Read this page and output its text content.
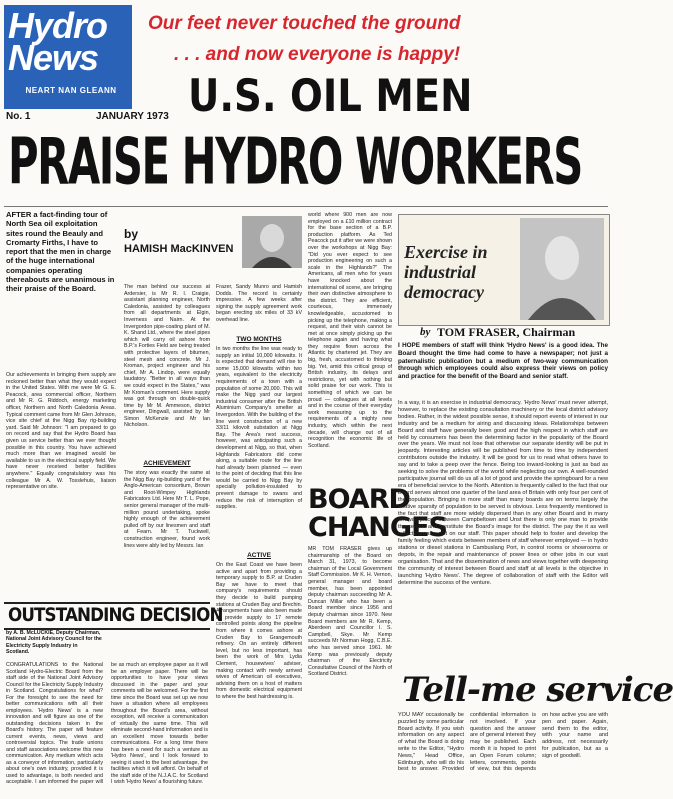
Hydro
News
NEART NAN GLEANN
No. 1	JANUARY 1973
Our feet never touched the ground
. . . and now everyone is happy!
U.S. OIL MEN
PRAISE HYDRO WORKERS
AFTER a fact-finding tour of North Sea oil exploitation sites round the Beauly and Cromarty Firths, I have to report that the men in charge of the huge international companies operating thereabouts are unanimous in their praise of the Board.
Our achievements in bringing them supply are reckoned better than what they would expect in the United States. With me were Mr G. E. Peacock, area commercial officer, Northern and Mr R. G. Riddoch, energy marketing officer, Northern and North Caledonia Areas. Typical comment came from Mr Glen Johnson, vice site chief at the Nigg Bay rig-building yard. Said Mr Johnson: "I am prepared to go on record and say that the Hydro Board has given us service better than we ever thought possible in this country. You have achieved much more than we imagined would be available to us in the electrical supply field. We have never received better facilities anywhere." Equally congratulatory was his colleague Mr A. W. Tosslehuis, liaison representative on site.
by
HAMISH MacKINVEN
The man behind our success at Ardersier, is Mr R. I. Craigie, assistant planning engineer, North Caledonia, assisted by colleagues from all departments at Elgin, Inverness and Nairn. At the Invergordon pipe-coating plant of M. K. Shand Ltd., where the steel pipes which will carry oil ashore from B.P.'s Forties Field are being treated with protective layers of bitumen, steel mesh and concrete. Mr J. Kroman, project engineer and his chief, Mr A. Lindop, were equally laudatory. "Better in all ways than we could expect in the States," was Mr Kroman's comment. Here supply was got through on double-quick time by Mr M. Ammeson, district engineer, Dingwall, assisted by Mr Simon McKenzie and Mr Ian Nicholson.
ACHIEVEMENT
The story was exactly the same at the Nigg Bay rig-building yard of the Anglo-American consortium, Brown and Root-Wimpey Highlands Fabricators Ltd. Here Mr T. L. Pope, senior general manager of the multi-million pound undertaking, spoke highly enough of the achievement pulled off by our linesmen and staff at Fearn. Mr T. Tuckwell, construction engineer, found work lines were ably led by Messrs. Ian
Frazer, Sandy Munro and Hamish Dodds. The record is certainly impressive. A few weeks after signing the supply agreement work began erecting six miles of 33 kV overhead line.
TWO MONTHS
In two months the line was ready to supply an initial 10,000 kilowatts. It is expected that demand will rise to some 15,000 kilowatts within two years, equivalent to the electricity requirements of a town with a population of some 20,000. This will make the Nigg yard our largest industrial consumer after the British Aluminium Company's smelter at Invergordon. With the building of the line went construction of a new 33/11 kilovolt substation at Nigg Bay. The Area's next success, however, was anticipating such a development at Nigg, so that, when Highlands Fabricators did come along, a suitable route for the line had already been planned — even to the point of deciding that this line would be carried to Nigg Bay by specially pollution-insulated to prevent damage to swans and reduce the risk of interruption of supplies.
ACTIVE
On the East Coast we have been active and apart from providing a temporary supply to B.P. at Cruden Bay we have to meet that company's requirements should they decide to build pumping stations at Cruden Bay and Brechin. Arrangements have also been made to provide supply to 17 remote controlled points along the pipeline from where it comes ashore at Cruden Bay to Grangemouth refinery. On an entirely different level, but no less important, has been the work of Mrs Lydia Clement, housewives' adviser, making contact with newly arrived wives of American oil executives, advising them on a host of matters from domestic electrical equipment to where the best hairdressing is.
world where 900 men are now employed on a £10 million contract for the base section of a B.P. production platform. As Ted Peacock put it after we were shown over the workshops at Nigg Bay: "Did you ever expect to see production engineering on such a scale in the Highlands?" The Americans, all men who for years have knocked about the international oil scene, are bringing their own distinctive atmosphere to the district. They are efficient, courteous, immensely knowledgeable, accustomed to picking up the telephone, making a request, and their wish cannot be met at once simply picking up the telephone again and having what they require flown across the Atlantic by chartered jet. They are big, fresh, accustomed to thinking big. Yet, amid this critical group of British industry, its delays and restrictions, yet with nothing but solid praise for our work. This is something of which we can be proud — colleagues at all levels and in the course of their everyday work measuring up to the requirements of a mighty new industry, which within the next decade, will change out of all recognition the economic life of Scotland.
BOARD
CHANGES
MR TOM FRASER gives up chairmanship of the Board on March 31, 1973, to become chairman of the Local Government Staff Commission. Mr K. H. Vernon, general manager and board member, has been appointed deputy chairman succeeding Mr A. Duncan Millar who has been a Board member since 1956 and deputy chairman since 1970. New Board members are Mr R. Kemp, Aberdeen and Councillor I. S. Campbell, Skye. Mr Kemp succeeds Mr Norman Hogg, C.B.E. who has served since 1961. Mr Kemp was previously deputy chairman of the Electricity Consultative Council of the North of Scotland District.
Exercise in
industrial
democracy
by TOM FRASER, Chairman
I HOPE members of staff will think 'Hydro News' is a good idea. The Board thought the time had come to have a newspaper; not just a paternalistic publication but a medium of two-way communication through which employees could also express their views on policy and practice for the benefit of the Board and senior staff.
In a way, it is an exercise in industrial democracy. 'Hydro News' must never attempt, however, to replace the existing consultation machinery or the local district advisory bodies. Rather, in the widest possible sense, it should report events of interest in our industry and be a medium for airing and discussing ideas. Relationships between Board and staff have generally been good and the high respect in which staff are held by consumers has been the determining factor in the popularity of the Board over the years. We must not lose that otherwise our separate identity will be put in jeopardy. Interesting articles will be published from time to time by independent contributors outside the industry. It will be good for us to read what others have to say and to take a peep over the fence. Being too inward-looking is just as bad as seeking to solve the problems of the world while neglecting our own. A well-rounded participative journal will do us all a lot of good and provide the springboard for a new era of beneficial service to the North. Attention is frequently called to the fact that our Board serves almost one quarter of the land area of Britain with only four per cent of the population. Bringing in more staff than many boards are on terms largely the relative sparsity of population to be served is obvious. Less frequently mentioned is the fact that staff are more widely dispersed than in any other Board and in many faraway places between Campbeltown and Unst there is only one man to provide the service and constitute the Board's image for the district. The pay the it as well reflects great credit on our staff. This paper should help to foster and develop the family feeling which exists between members of staff wherever employed — in hydro stations or diesel stations in Cambuslang Port, in control rooms or showrooms or depots, in the repair and maintenance of power lines or other jobs in our vast organisation. That and the dissemination of news and views together with deepening the community of interest between Board and staff at all levels is the objective in launching 'Hydro News'. The degree of collaboration of staff with the Editor will determine the success of the venture.
OUTSTANDING DECISION
by A. B. McLUCKIE, Deputy Chairman, National Joint Advisory Council for the Electricity Supply Industry in Scotland.
CONGRATULATIONS to the National Scotland Hydro-Electric Board from the staff side of the National Joint Advisory Council for the Electricity Supply Industry in Scotland. Congratulations for what? For the foresight to see the need for better communications with all their employees. 'Hydro News' is a new innovation and will figure as one of the outstanding decisions taken in the Board's history. The paper will feature current events, news, views and controversial topics. The trade unions and staff associations welcome this new communication. Any medium which acts as a conveyor of information, particularly about one's own industry, provided it is used to advantage, is both needed and acceptable. I am informed the paper will be as much an employee paper as it will be an employer paper. There will be opportunities to have your views discussed in the paper and your comments will be welcomed. For the first time since the Board was set up we now have a situation where all employees throughout the Board's area, without exception, will receive a communication of virtually the same time. This will eliminate second-hand information and is an excellent move towards better communications. For a long time there has been a need for such a venture as 'Hydro News', and I look forward to seeing it used to the best advantage, the facilities which it will afford. On behalf of the staff side of the N.J.A.C. for Scotland I wish 'Hydro News' a flourishing future.
Tell-me service
YOU MAY occasionally be puzzled by some particular Board activity. If you wish information on any aspect of what the Board is doing write to the Editor, "Hydro News," Head Office, Edinburgh, who will do his best to answer. Provided confidential information is not involved. If your question and the answer are of general interest they may be published. Each month it is hoped to print an Open Forum column; letters, comments, points of view, but this depends on how active you are with pen and paper. Again, send them to the editor, with your name and address, not necessarily for publication, but as a sign of goodwill.
